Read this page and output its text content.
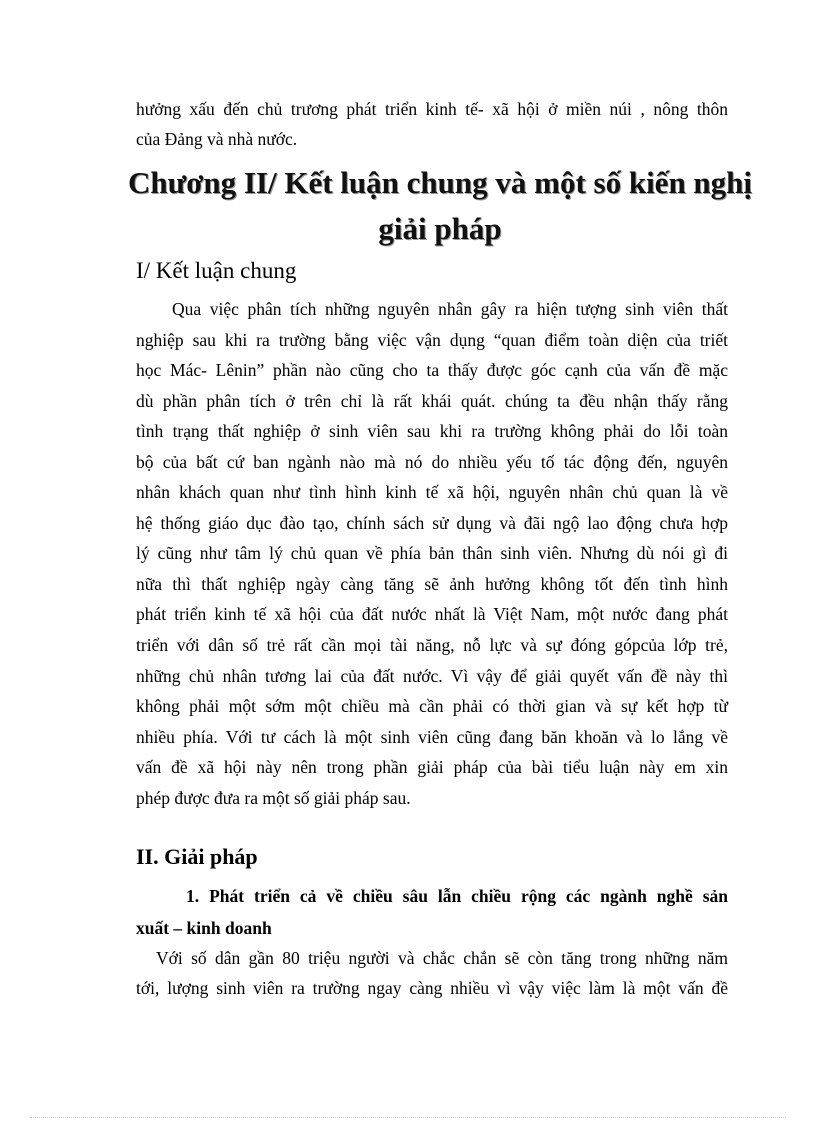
hưởng xấu đến chủ trương phát triển kinh tế- xã hội ở miền núi , nông thôn
của Đảng và nhà nước.
Chương II/ Kết luận chung và một số kiến nghị
giải pháp
I/ Kết luận chung
Qua việc phân tích những nguyên nhân gây ra hiện tượng sinh viên thất
nghiệp sau khi ra trường bằng việc vận dụng “quan điểm toàn diện của triết
học Mác- Lênin” phần nào cũng cho ta thấy được góc cạnh của vấn đề mặc
dù phần phân tích ở trên chỉ là rất khái quát. chúng ta đều nhận thấy rằng
tình trạng thất nghiệp ở sinh viên sau khi ra trường không phải do lỗi toàn
bộ của bất cứ ban ngành nào mà nó do nhiều yếu tố tác động đến, nguyên
nhân khách quan như tình hình kinh tế xã hội, nguyên nhân chủ quan là về
hệ thống giáo dục đào tạo, chính sách sử dụng và đãi ngộ lao động chưa hợp
lý cũng như tâm lý chủ quan về phía bản thân sinh viên. Nhưng dù nói gì đi
nữa thì thất nghiệp ngày càng tăng sẽ ảnh hưởng không tốt đến tình hình
phát triển kinh tế xã hội của đất nước nhất là Việt Nam, một nước đang phát
triển với dân số trẻ rất cần mọi tài năng, nỗ lực và sự đóng gópcủa lớp trẻ,
những chủ nhân tương lai của đất nước. Vì vậy để giải quyết vấn đề này thì
không phải một sớm một chiều mà cần phải có thời gian và sự kết hợp từ
nhiều phía. Với tư cách là một sinh viên cũng đang băn khoăn và lo lắng về
vấn đề xã hội này nên trong phần giải pháp của bài tiểu luận này em xin
phép được đưa ra một số giải pháp sau.
II. Giải pháp
1. Phát triển cả về chiều sâu lẫn chiều rộng các ngành nghề sản
xuất – kinh doanh
Với số dân gần 80 triệu người và chắc chắn sẽ còn tăng trong những năm
tới, lượng sinh viên ra trường ngay càng nhiều vì vậy việc làm là một vấn đề
